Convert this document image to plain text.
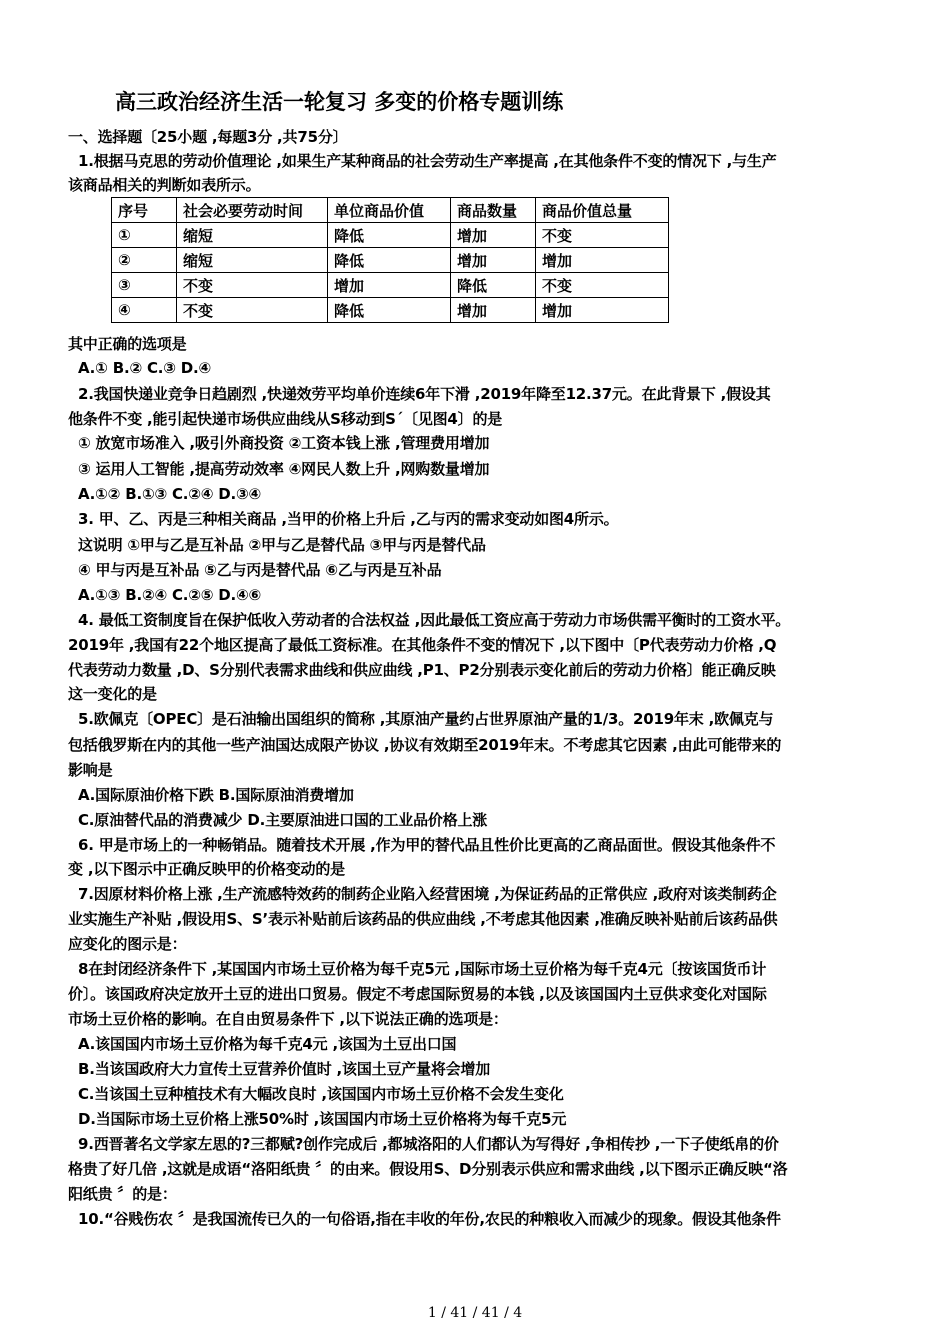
高三政治经济生活一轮复习 多变的价格专题训练
一、选择题〔25小题 ,每题3分 ,共75分〕
1.根据马克思的劳动价值理论 ,如果生产某种商品的社会劳动生产率提高 ,在其他条件不变的情况下 ,与生产
该商品相关的判断如表所示。
序号	社会必要劳动时间	单位商品价值	商品数量	商品价值总量
①	缩短	降低	增加	不变
②	缩短	降低	增加	增加
③	不变	增加	降低	不变
④	不变	降低	增加	增加
其中正确的选项是
A.① B.② C.③ D.④
2.我国快递业竞争日趋剧烈 ,快递效劳平均单价连续6年下滑 ,2019年降至12.37元。在此背景下 ,假设其
他条件不变 ,能引起快递市场供应曲线从S移动到S´〔见图4〕的是
① 放宽市场准入 ,吸引外商投资 ②工资本钱上涨 ,管理费用增加
③ 运用人工智能 ,提高劳动效率 ④网民人数上升 ,网购数量增加
A.①② B.①③ C.②④ D.③④
3. 甲、乙、丙是三种相关商品 ,当甲的价格上升后 ,乙与丙的需求变动如图4所示。
这说明 ①甲与乙是互补品 ②甲与乙是替代品 ③甲与丙是替代品
④ 甲与丙是互补品 ⑤乙与丙是替代品 ⑥乙与丙是互补品
A.①③ B.②④ C.②⑤ D.④⑥
4. 最低工资制度旨在保护低收入劳动者的合法权益 ,因此最低工资应高于劳动力市场供需平衡时的工资水平。
2019年 ,我国有22个地区提高了最低工资标准。在其他条件不变的情况下 ,以下图中〔P代表劳动力价格 ,Q
代表劳动力数量 ,D、S分别代表需求曲线和供应曲线 ,P1、P2分别表示变化前后的劳动力价格〕能正确反映
这一变化的是
5.欧佩克〔OPEC〕是石油输出国组织的简称 ,其原油产量约占世界原油产量的1/3。2019年末 ,欧佩克与
包括俄罗斯在内的其他一些产油国达成限产协议 ,协议有效期至2019年末。不考虑其它因素 ,由此可能带来的
影响是
A.国际原油价格下跌 B.国际原油消费增加
C.原油替代品的消费减少 D.主要原油进口国的工业品价格上涨
6. 甲是市场上的一种畅销品。随着技术开展 ,作为甲的替代品且性价比更高的乙商品面世。假设其他条件不
变 ,以下图示中正确反映甲的价格变动的是
7.因原材料价格上涨 ,生产流感特效药的制药企业陷入经营困境 ,为保证药品的正常供应 ,政府对该类制药企
业实施生产补贴 ,假设用S、S’表示补贴前后该药品的供应曲线 ,不考虑其他因素 ,准确反映补贴前后该药品供
应变化的图示是：
8在封闭经济条件下 ,某国国内市场土豆价格为每千克5元 ,国际市场土豆价格为每千克4元〔按该国货币计
价〕。该国政府决定放开土豆的进出口贸易。假定不考虑国际贸易的本钱 ,以及该国国内土豆供求变化对国际
市场土豆价格的影响。在自由贸易条件下 ,以下说法正确的选项是：
A.该国国内市场土豆价格为每千克4元 ,该国为土豆出口国
B.当该国政府大力宣传土豆营养价值时 ,该国土豆产量将会增加
C.当该国土豆种植技术有大幅改良时 ,该国国内市场土豆价格不会发生变化
D.当国际市场土豆价格上涨50%时 ,该国国内市场土豆价格将为每千克5元
9.西晋著名文学家左思的?三都赋?创作完成后 ,都城洛阳的人们都认为写得好 ,争相传抄 ,一下子使纸帛的价
格贵了好几倍 ,这就是成语“洛阳纸贵 〞的由来。假设用S、D分别表示供应和需求曲线 ,以下图示正确反映“洛
阳纸贵 〞的是：
10.“谷贱伤农 〞是我国流传已久的一句俗语,指在丰收的年份,农民的种粮收入而减少的现象。假设其他条件
1 / 41 / 41 / 4
